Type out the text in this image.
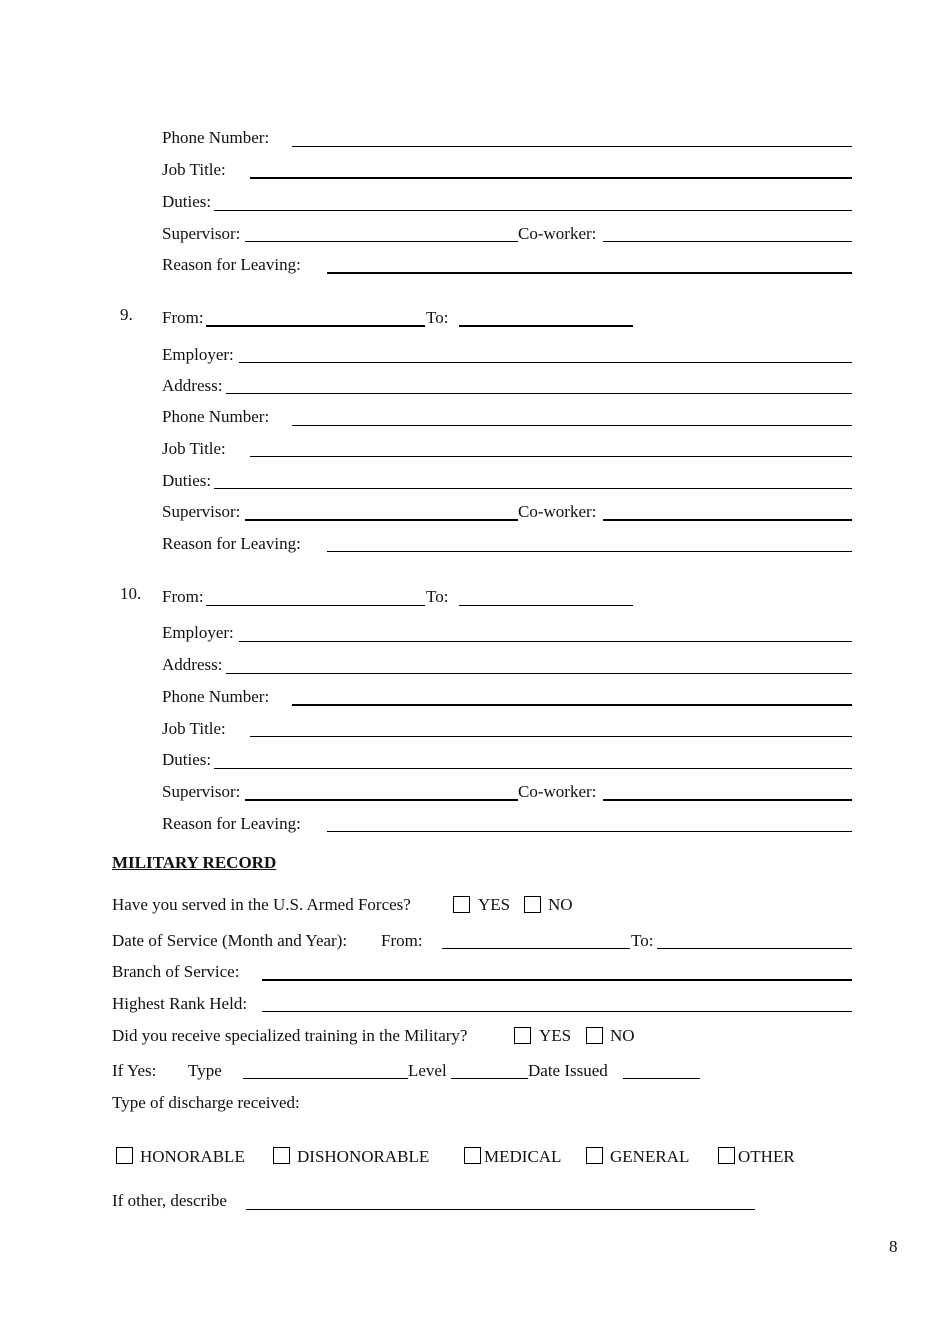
Phone Number:
Job Title:
Duties:
Supervisor:	Co-worker:
Reason for Leaving:
9. From:	To:
Employer:
Address:
Phone Number:
Job Title:
Duties:
Supervisor:	Co-worker:
Reason for Leaving:
10. From:	To:
Employer:
Address:
Phone Number:
Job Title:
Duties:
Supervisor:	Co-worker:
Reason for Leaving:
MILITARY RECORD
Have you served in the U.S. Armed Forces?	YES NO
Date of Service (Month and Year): From:	To:
Branch of Service:
Highest Rank Held:
Did you receive specialized training in the Military?	YES NO
If Yes: Type	Level	Date Issued
Type of discharge received:
HONORABLE	DISHONORABLE	MEDICAL	GENERAL	OTHER
If other, describe
8
